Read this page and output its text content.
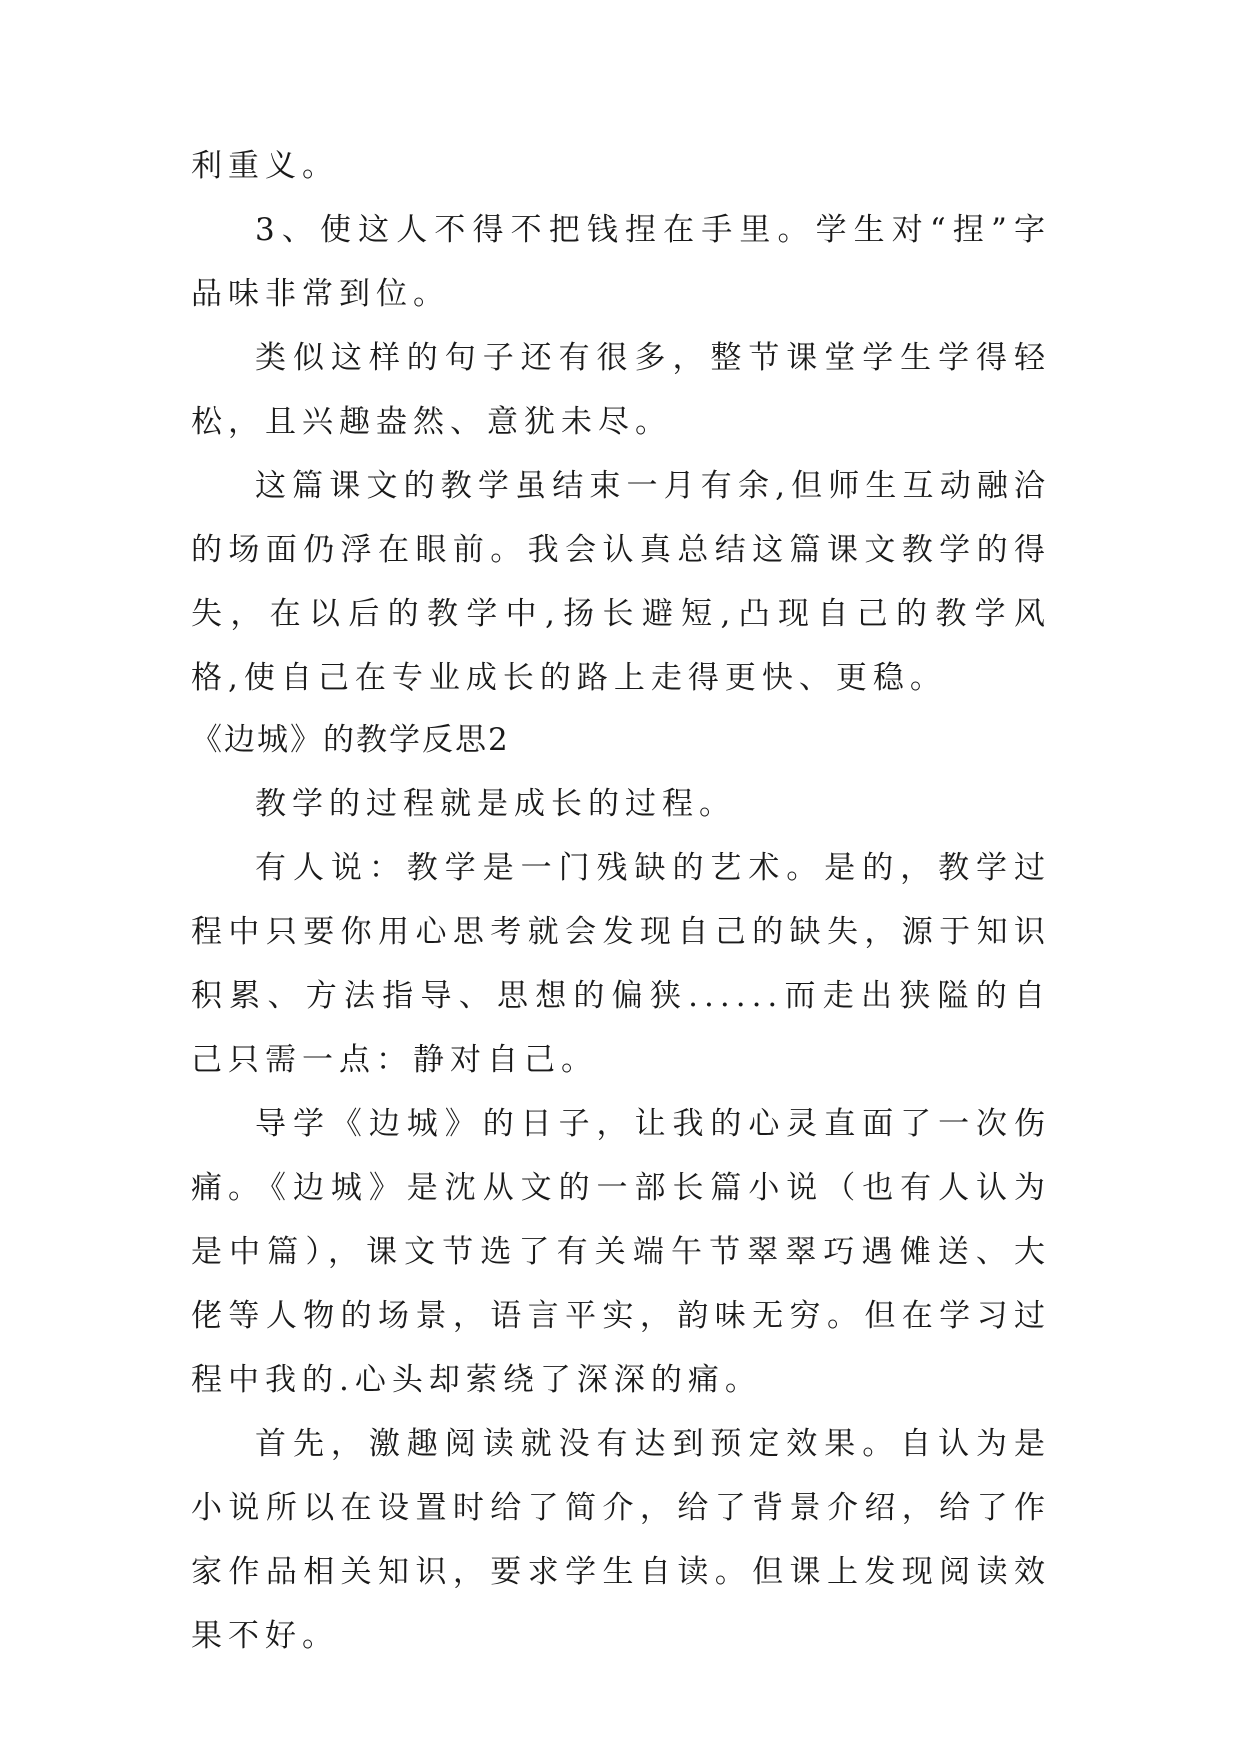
利重义。

3、使这人不得不把钱捏在手里。学生对“捏”字品味非常到位。

类似这样的句子还有很多，整节课堂学生学得轻松，且兴趣盎然、意犹未尽。

这篇课文的教学虽结束一月有余,但师生互动融洽的场面仍浮在眼前。我会认真总结这篇课文教学的得失，在以后的教学中,扬长避短,凸现自己的教学风格,使自己在专业成长的路上走得更快、更稳。

《边城》的教学反思2

教学的过程就是成长的过程。

有人说：教学是一门残缺的艺术。是的，教学过程中只要你用心思考就会发现自己的缺失，源于知识积累、方法指导、思想的偏狭......而走出狭隘的自己只需一点：静对自己。

导学《边城》的日子，让我的心灵直面了一次伤痛。

《边城》是沈从文的一部长篇小说（也有人认为是中篇），课文节选了有关端午节翠翠巧遇傩送、大佬等人物的场景，语言平实，韵味无穷。但在学习过程中我的.心头却萦绕了深深的痛。

首先，激趣阅读就没有达到预定效果。自认为是小说所以在设置时给了简介，给了背景介绍，给了作家作品相关知识，要求学生自读。但课上发现阅读效果不好。
